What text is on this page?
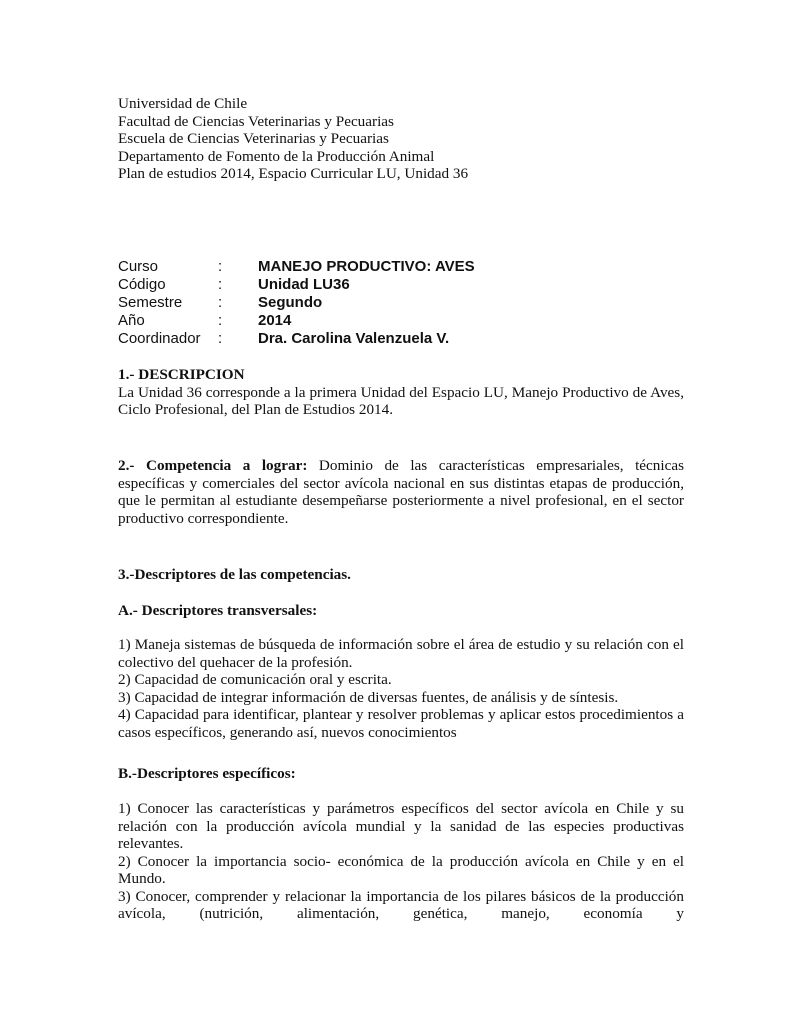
Universidad de Chile
Facultad de Ciencias Veterinarias y Pecuarias
Escuela de Ciencias Veterinarias y Pecuarias
Departamento de Fomento de la Producción Animal
Plan de estudios 2014, Espacio Curricular LU, Unidad 36
Curso	:	MANEJO PRODUCTIVO: AVES
Código	:	Unidad LU36
Semestre	:	Segundo
Año	:	2014
Coordinador	:	Dra. Carolina Valenzuela V.

1.- DESCRIPCION

La Unidad 36 corresponde a la primera Unidad del Espacio LU, Manejo Productivo de Aves, Ciclo Profesional, del Plan de Estudios 2014.

2.- Competencia a lograr: Dominio de las características empresariales, técnicas específicas y comerciales del sector avícola nacional en sus distintas etapas de producción, que le permitan al estudiante desempeñarse posteriormente a nivel profesional, en el sector productivo correspondiente.

3.-Descriptores de las competencias.

A.- Descriptores transversales:

1) Maneja sistemas de búsqueda de información sobre el área de estudio y su relación con el colectivo del quehacer de la profesión.

2) Capacidad de comunicación oral y escrita.

3) Capacidad de integrar información de diversas fuentes, de análisis y de síntesis.

4) Capacidad para identificar, plantear y resolver problemas y aplicar estos procedimientos a casos específicos, generando así, nuevos conocimientos

B.-Descriptores específicos:

1) Conocer las características y parámetros específicos del sector avícola en Chile y su relación con la producción avícola mundial y la sanidad de las especies productivas relevantes.

2) Conocer la importancia socio- económica de la producción avícola en Chile y en el Mundo.

3) Conocer, comprender y relacionar la importancia de los pilares básicos de la producción avícola, (nutrición, alimentación, genética, manejo, economía y
